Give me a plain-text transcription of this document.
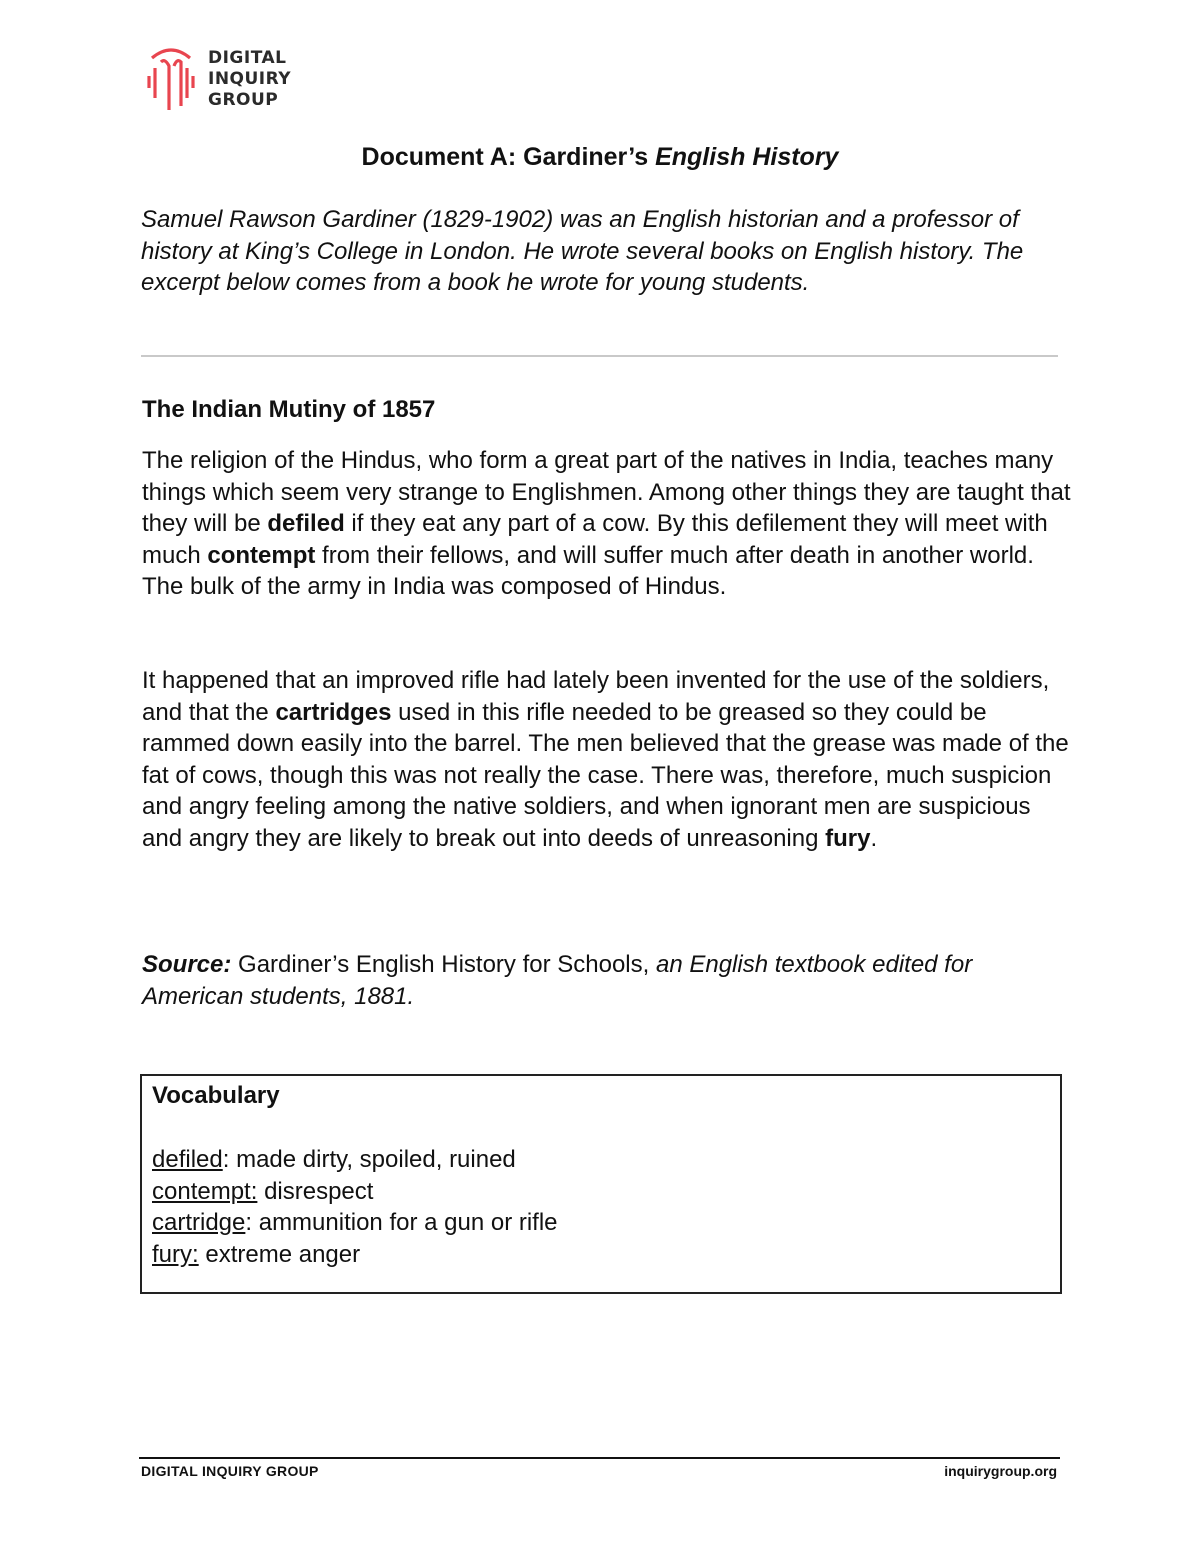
DIGITAL
INQUIRY
GROUP
Document A: Gardiner’s English History
Samuel Rawson Gardiner (1829-1902) was an English historian and a professor of history at King’s College in London. He wrote several books on English history. The excerpt below comes from a book he wrote for young students.
The Indian Mutiny of 1857
The religion of the Hindus, who form a great part of the natives in India, teaches many things which seem very strange to Englishmen. Among other things they are taught that they will be defiled if they eat any part of a cow. By this defilement they will meet with much contempt from their fellows, and will suffer much after death in another world. The bulk of the army in India was composed of Hindus.
It happened that an improved rifle had lately been invented for the use of the soldiers, and that the cartridges used in this rifle needed to be greased so they could be rammed down easily into the barrel. The men believed that the grease was made of the fat of cows, though this was not really the case. There was, therefore, much suspicion and angry feeling among the native soldiers, and when ignorant men are suspicious and angry they are likely to break out into deeds of unreasoning fury.
Source: Gardiner’s English History for Schools, an English textbook edited for American students, 1881.
Vocabulary
defiled: made dirty, spoiled, ruined
contempt: disrespect
cartridge: ammunition for a gun or rifle
fury: extreme anger
DIGITAL INQUIRY GROUP	inquirygroup.org
